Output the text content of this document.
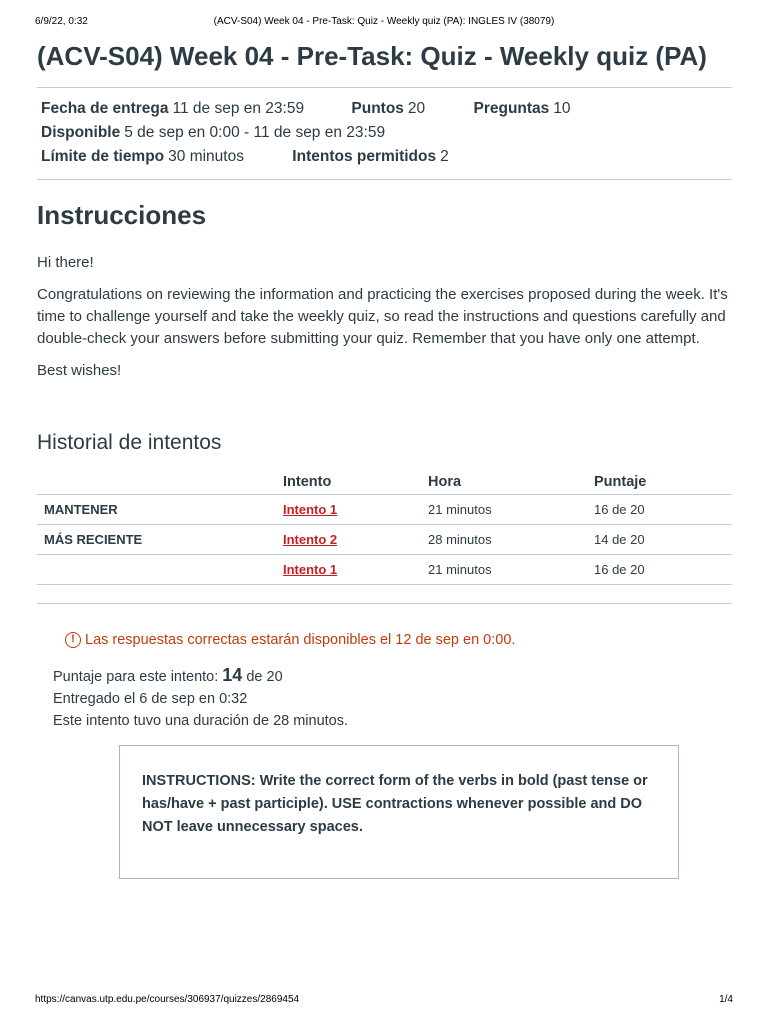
6/9/22, 0:32	(ACV-S04) Week 04 - Pre-Task: Quiz - Weekly quiz (PA): INGLES IV (38079)
(ACV-S04) Week 04 - Pre-Task: Quiz - Weekly quiz (PA)
Fecha de entrega 11 de sep en 23:59	Puntos 20	Preguntas 10
Disponible 5 de sep en 0:00 - 11 de sep en 23:59
Límite de tiempo 30 minutos	Intentos permitidos 2
Instrucciones

Hi there!

Congratulations on reviewing the information and practicing the exercises proposed during the week. It's time to challenge yourself and take the weekly quiz, so read the instructions and questions carefully and double-check your answers before submitting your quiz. Remember that you have only one attempt.

Best wishes!

Historial de intentos
	Intento	Hora	Puntaje
MANTENER	Intento 1	21 minutos	16 de 20
MÁS RECIENTE	Intento 2	28 minutos	14 de 20
	Intento 1	21 minutos	16 de 20
! Las respuestas correctas estarán disponibles el 12 de sep en 0:00.
Puntaje para este intento: 14 de 20
Entregado el 6 de sep en 0:32
Este intento tuvo una duración de 28 minutos.

INSTRUCTIONS: Write the correct form of the verbs in bold (past tense or has/have + past participle). USE contractions whenever possible and DO NOT leave unnecessary spaces.

https://canvas.utp.edu.pe/courses/306937/quizzes/2869454	1/4
